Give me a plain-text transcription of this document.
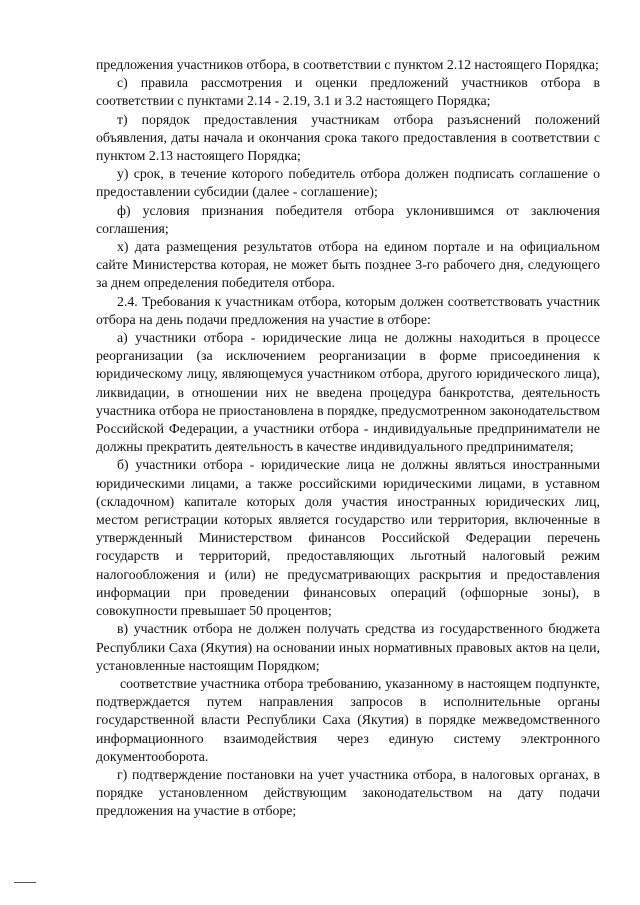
предложения участников отбора, в соответствии с пунктом 2.12 настоящего Порядка;

с) правила рассмотрения и оценки предложений участников отбора в соответствии с пунктами 2.14 - 2.19, 3.1 и 3.2 настоящего Порядка;

т) порядок предоставления участникам отбора разъяснений положений объявления, даты начала и окончания срока такого предоставления в соответствии с пунктом 2.13 настоящего Порядка;

у) срок, в течение которого победитель отбора должен подписать соглашение о предоставлении субсидии (далее - соглашение);

ф) условия признания победителя отбора уклонившимся от заключения соглашения;

х) дата размещения результатов отбора на едином портале и на официальном сайте Министерства которая, не может быть позднее 3-го рабочего дня, следующего за днем определения победителя отбора.

2.4. Требования к участникам отбора, которым должен соответствовать участник отбора на день подачи предложения на участие в отборе:

а) участники отбора - юридические лица не должны находиться в процессе реорганизации (за исключением реорганизации в форме присоединения к юридическому лицу, являющемуся участником отбора, другого юридического лица), ликвидации, в отношении них не введена процедура банкротства, деятельность участника отбора не приостановлена в порядке, предусмотренном законодательством Российской Федерации, а участники отбора - индивидуальные предприниматели не должны прекратить деятельность в качестве индивидуального предпринимателя;

б) участники отбора - юридические лица не должны являться иностранными юридическими лицами, а также российскими юридическими лицами, в уставном (складочном) капитале которых доля участия иностранных юридических лиц, местом регистрации которых является государство или территория, включенные в утвержденный Министерством финансов Российской Федерации перечень государств и территорий, предоставляющих льготный налоговый режим налогообложения и (или) не предусматривающих раскрытия и предоставления информации при проведении финансовых операций (офшорные зоны), в совокупности превышает 50 процентов;

в) участник отбора не должен получать средства из государственного бюджета Республики Саха (Якутия) на основании иных нормативных правовых актов на цели, установленные настоящим Порядком;

соответствие участника отбора требованию, указанному в настоящем подпункте, подтверждается путем направления запросов в исполнительные органы государственной власти Республики Саха (Якутия) в порядке межведомственного информационного взаимодействия через единую систему электронного документооборота.

г) подтверждение постановки на учет участника отбора, в налоговых органах, в порядке установленном действующим законодательством на дату подачи предложения на участие в отборе;
